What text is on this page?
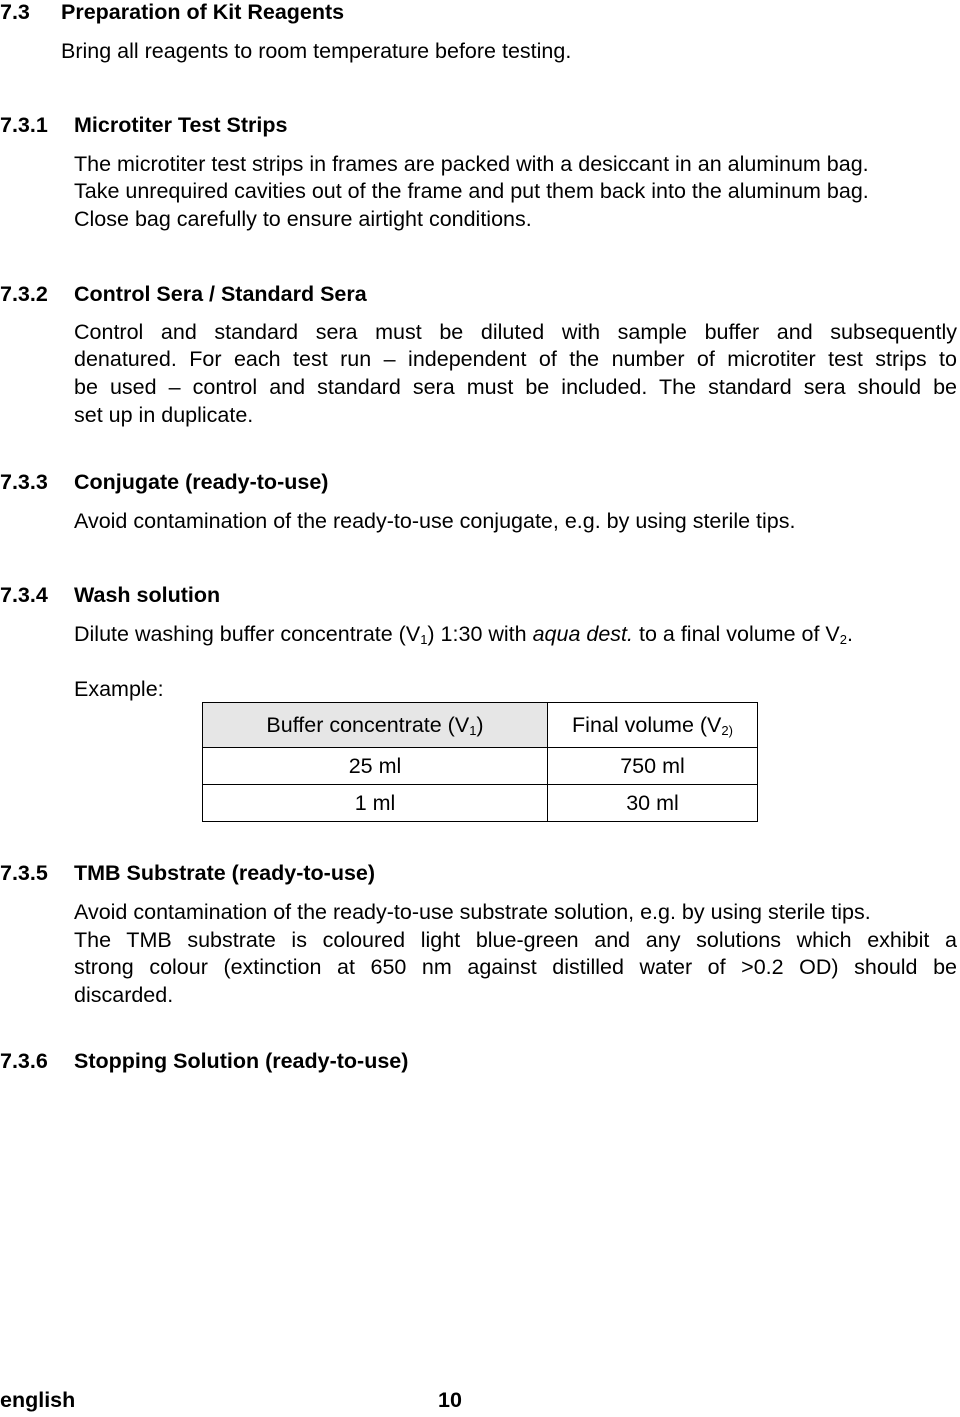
7.3 Preparation of Kit Reagents
Bring all reagents to room temperature before testing.
7.3.1 Microtiter Test Strips
The microtiter test strips in frames are packed with a desiccant in an aluminum bag.
Take unrequired cavities out of the frame and put them back into the aluminum bag.
Close bag carefully to ensure airtight conditions.
7.3.2 Control Sera / Standard Sera
Control and standard sera must be diluted with sample buffer and subsequently
denatured. For each test run – independent of the number of microtiter test strips to
be used – control and standard sera must be included. The standard sera should be
set up in duplicate.
7.3.3 Conjugate (ready-to-use)
Avoid contamination of the ready-to-use conjugate, e.g. by using sterile tips.
7.3.4 Wash solution
Dilute washing buffer concentrate $(V_1)$ 1:30 with aqua dest. to a final volume of $V_2$.
Example:
Buffer concentrate $(V_1)$	Final volume ($V_{2)}$
25 ml	750 ml
1 ml	30 ml
7.3.5 TMB Substrate (ready-to-use)
Avoid contamination of the ready-to-use substrate solution, e.g. by using sterile tips.
The TMB substrate is coloured light blue-green and any solutions which exhibit a
strong colour (extinction at 650 nm against distilled water of >0.2 OD) should be
discarded.
7.3.6 Stopping Solution (ready-to-use)
english	10
